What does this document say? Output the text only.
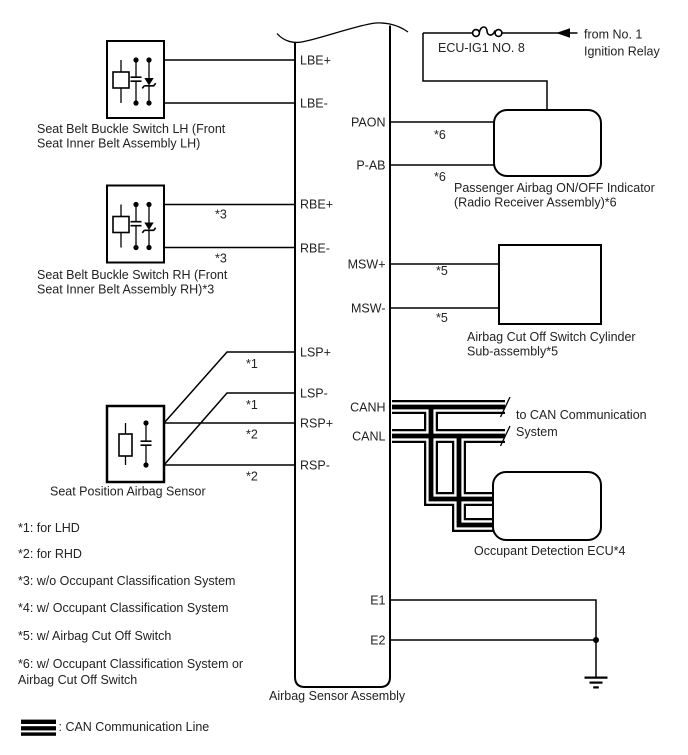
LBE+
LBE-
RBE+
RBE-
LSP+
LSP-
RSP+
RSP-
PAON
P-AB
MSW+
MSW-
CANH
CANL
E1
E2
*3
*3
*1
*1
*2
*2
*6
*6
*5
*5
Seat Belt Buckle Switch LH (Front
Seat Inner Belt Assembly LH)
Seat Belt Buckle Switch RH (Front
Seat Inner Belt Assembly RH)*3
Seat Position Airbag Sensor
Passenger Airbag ON/OFF Indicator
(Radio Receiver Assembly)*6
Airbag Cut Off Switch Cylinder
Sub-assembly*5
Occupant Detection ECU*4
Airbag Sensor Assembly
ECU-IG1 NO. 8
from No. 1
Ignition Relay
to CAN Communication
System
*1: for LHD
*2: for RHD
*3: w/o Occupant Classification System
*4: w/ Occupant Classification System
*5: w/ Airbag Cut Off Switch
*6: w/ Occupant Classification System or
Airbag Cut Off Switch
: CAN Communication Line
